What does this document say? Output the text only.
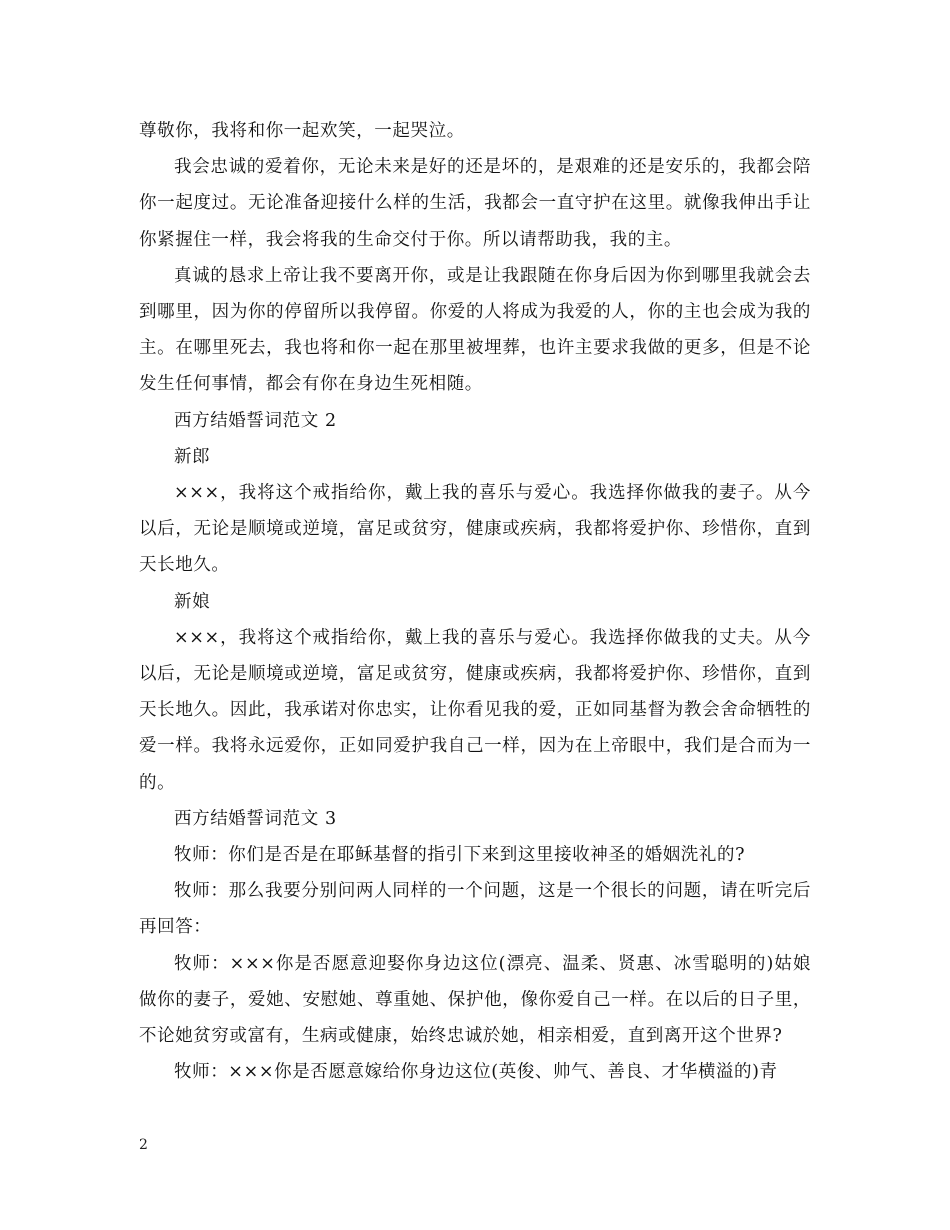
尊敬你，我将和你一起欢笑，一起哭泣。

我会忠诚的爱着你，无论未来是好的还是坏的，是艰难的还是安乐的，我都会陪你一起度过。无论准备迎接什么样的生活，我都会一直守护在这里。就像我伸出手让你紧握住一样，我会将我的生命交付于你。所以请帮助我，我的主。

真诚的恳求上帝让我不要离开你，或是让我跟随在你身后因为你到哪里我就会去到哪里，因为你的停留所以我停留。你爱的人将成为我爱的人，你的主也会成为我的主。在哪里死去，我也将和你一起在那里被埋葬，也许主要求我做的更多，但是不论发生任何事情，都会有你在身边生死相随。

西方结婚誓词范文 2

新郎

×××，我将这个戒指给你，戴上我的喜乐与爱心。我选择你做我的妻子。从今以后，无论是顺境或逆境，富足或贫穷，健康或疾病，我都将爱护你、珍惜你，直到天长地久。

新娘

×××，我将这个戒指给你，戴上我的喜乐与爱心。我选择你做我的丈夫。从今以后，无论是顺境或逆境，富足或贫穷，健康或疾病，我都将爱护你、珍惜你，直到天长地久。因此，我承诺对你忠实，让你看见我的爱，正如同基督为教会舍命牺牲的爱一样。我将永远爱你，正如同爱护我自己一样，因为在上帝眼中，我们是合而为一的。

西方结婚誓词范文 3

牧师：你们是否是在耶稣基督的指引下来到这里接收神圣的婚姻洗礼的?

牧师：那么我要分别问两人同样的一个问题，这是一个很长的问题，请在听完后再回答：

牧师：×××你是否愿意迎娶你身边这位(漂亮、温柔、贤惠、冰雪聪明的)姑娘做你的妻子，爱她、安慰她、尊重她、保护他，像你爱自己一样。在以后的日子里，不论她贫穷或富有，生病或健康，始终忠诚於她，相亲相爱，直到离开这个世界?

牧师：×××你是否愿意嫁给你身边这位(英俊、帅气、善良、才华横溢的)青

2
